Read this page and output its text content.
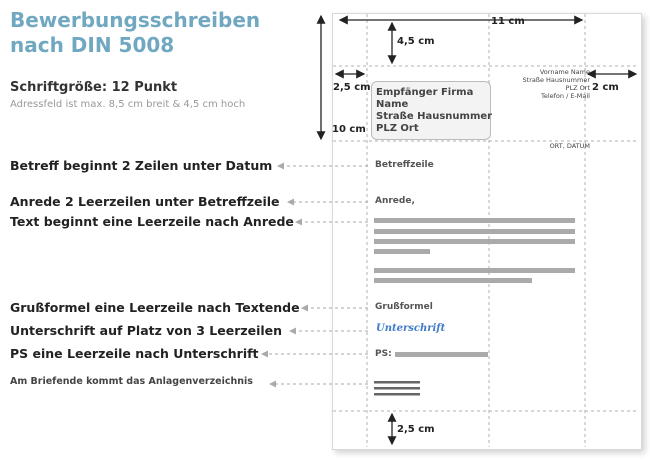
Bewerbungsschreiben
nach DIN 5008
Schriftgröße: 12 Punkt
Adressfeld ist max. 8,5 cm breit & 4,5 cm hoch
Betreff beginnt 2 Zeilen unter Datum
Anrede 2 Leerzeilen unter Betreffzeile
Text beginnt eine Leerzeile nach Anrede
Grußformel eine Leerzeile nach Textende
Unterschrift auf Platz von 3 Leerzeilen
PS eine Leerzeile nach Unterschrift
Am Briefende kommt das Anlagenverzeichnis
11 cm
4,5 cm
2,5 cm	2 cm
10 cm
2,5 cm
Vorname Name
Straße Hausnummer
PLZ Ort
Telefon / E-Mail
Empfänger Firma
Name
Straße Hausnummer
PLZ Ort
ORT, DATUM
Betreffzeile
Anrede,
Grußformel
Unterschrift
PS:
